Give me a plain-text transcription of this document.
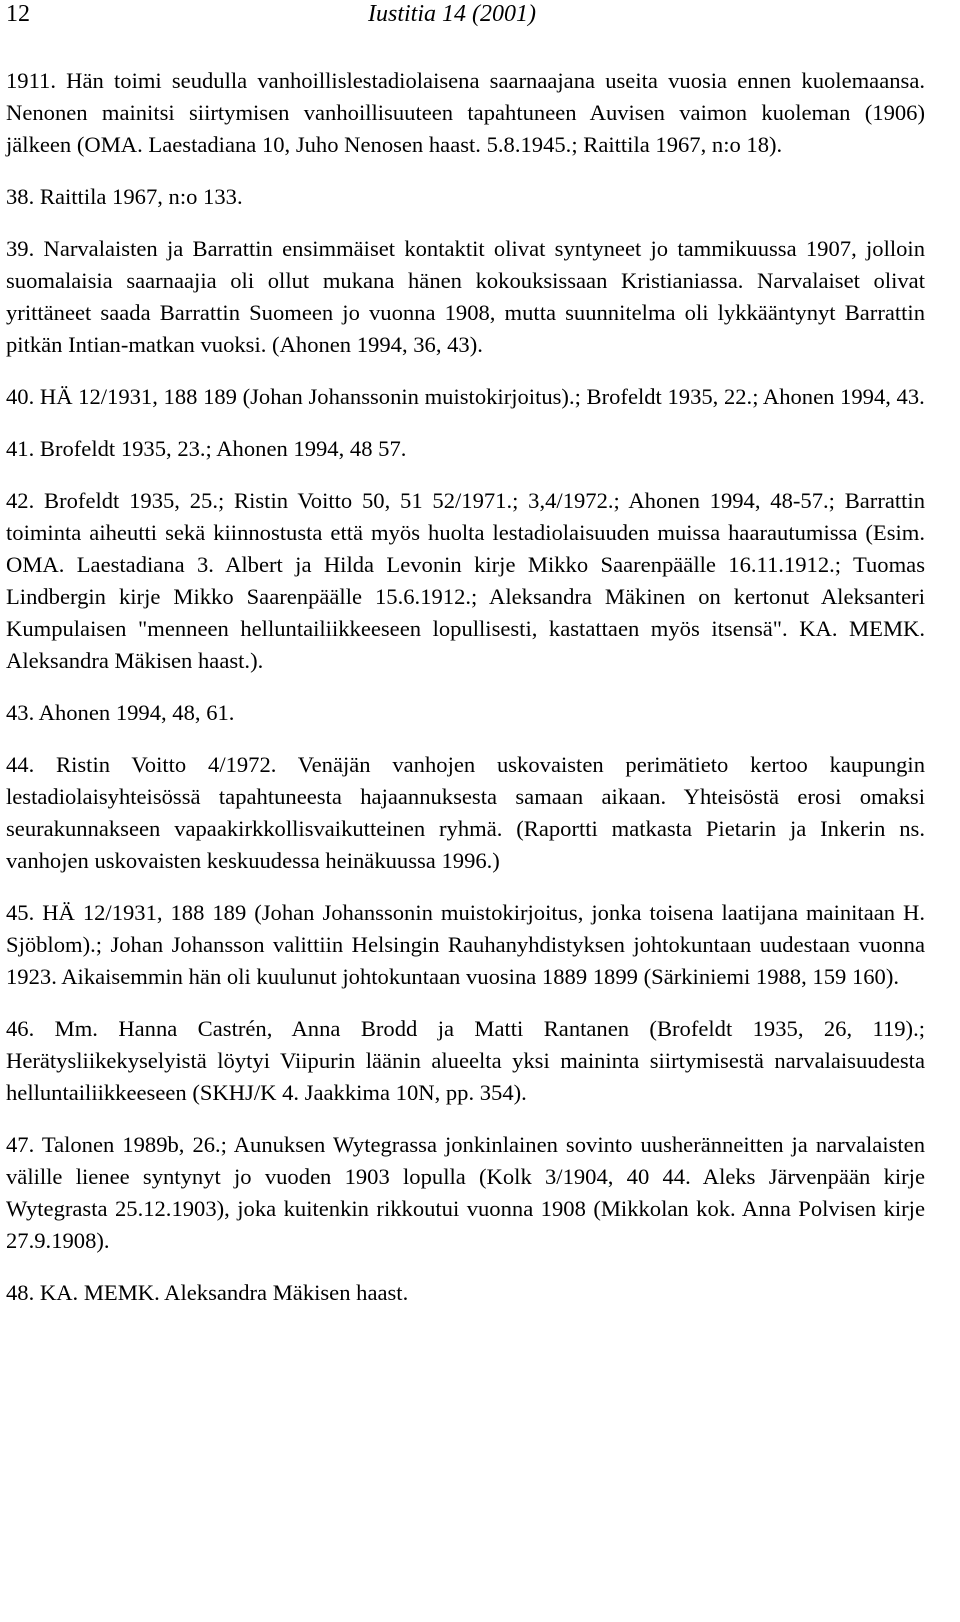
12	Iustitia 14 (2001)

1911. Hän toimi seudulla vanhoillislestadiolaisena saarnaajana useita vuosia ennen kuolemaansa. Nenonen mainitsi siirtymisen vanhoillisuuteen tapahtuneen Auvisen vaimon kuoleman (1906) jälkeen (OMA. Laestadiana 10, Juho Nenosen haast. 5.8.1945.; Raittila 1967, n:o 18).

38. Raittila 1967, n:o 133.

39. Narvalaisten ja Barrattin ensimmäiset kontaktit olivat syntyneet jo tammikuussa 1907, jolloin suomalaisia saarnaajia oli ollut mukana hänen kokouksissaan Kristianiassa. Narvalaiset olivat yrittäneet saada Barrattin Suomeen jo vuonna 1908, mutta suunnitelma oli lykkääntynyt Barrattin pitkän Intian-matkan vuoksi. (Ahonen 1994, 36, 43).

40. HÄ 12/1931, 188 189 (Johan Johanssonin muistokirjoitus).; Brofeldt 1935, 22.; Ahonen 1994, 43.

41. Brofeldt 1935, 23.; Ahonen 1994, 48 57.

42. Brofeldt 1935, 25.; Ristin Voitto 50, 51 52/1971.; 3,4/1972.; Ahonen 1994, 48-57.; Barrattin toiminta aiheutti sekä kiinnostusta että myös huolta lestadiolaisuuden muissa haarautumissa (Esim. OMA. Laestadiana 3. Albert ja Hilda Levonin kirje Mikko Saarenpäälle 16.11.1912.; Tuomas Lindbergin kirje Mikko Saarenpäälle 15.6.1912.; Aleksandra Mäkinen on kertonut Aleksanteri Kumpulaisen "menneen helluntailiikkeeseen lopullisesti, kastattaen myös itsensä". KA. MEMK. Aleksandra Mäkisen haast.).

43. Ahonen 1994, 48, 61.

44. Ristin Voitto 4/1972. Venäjän vanhojen uskovaisten perimätieto kertoo kaupungin lestadiolaisyhteisössä tapahtuneesta hajaannuksesta samaan aikaan. Yhteisöstä erosi omaksi seurakunnakseen vapaakirkkollisvaikutteinen ryhmä. (Raportti matkasta Pietarin ja Inkerin ns. vanhojen uskovaisten keskuudessa heinäkuussa 1996.)

45. HÄ 12/1931, 188 189 (Johan Johanssonin muistokirjoitus, jonka toisena laatijana mainitaan H. Sjöblom).; Johan Johansson valittiin Helsingin Rauhanyhdistyksen johtokuntaan uudestaan vuonna 1923. Aikaisemmin hän oli kuulunut johtokuntaan vuosina 1889 1899 (Särkiniemi 1988, 159 160).

46. Mm. Hanna Castrén, Anna Brodd ja Matti Rantanen (Brofeldt 1935, 26, 119).; Herätysliikekyselyistä löytyi Viipurin läänin alueelta yksi maininta siirtymisestä narvalaisuudesta helluntailiikkeeseen (SKHJ/K 4. Jaakkima 10N, pp. 354).

47. Talonen 1989b, 26.; Aunuksen Wytegrassa jonkinlainen sovinto uusheränneitten ja narvalaisten välille lienee syntynyt jo vuoden 1903 lopulla (Kolk 3/1904, 40 44. Aleks Järvenpään kirje Wytegrasta 25.12.1903), joka kuitenkin rikkoutui vuonna 1908 (Mikkolan kok. Anna Polvisen kirje 27.9.1908).

48. KA. MEMK. Aleksandra Mäkisen haast.
